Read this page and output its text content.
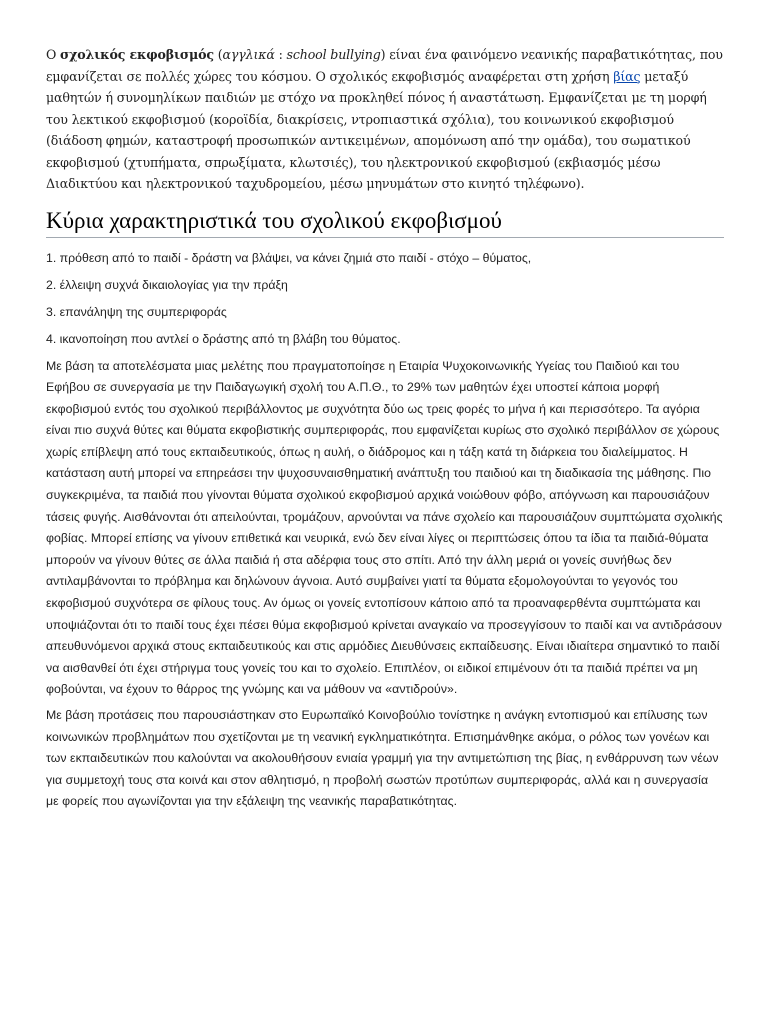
Ο σχολικός εκφοβισμός (αγγλικά : school bullying) είναι ένα φαινόμενο νεανικής παραβατικότητας, που εμφανίζεται σε πολλές χώρες του κόσμου. Ο σχολικός εκφοβισμός αναφέρεται στη χρήση βίας μεταξύ μαθητών ή συνομηλίκων παιδιών με στόχο να προκληθεί πόνος ή αναστάτωση. Εμφανίζεται με τη μορφή του λεκτικού εκφοβισμού (κοροϊδία, διακρίσεις, ντροπιαστικά σχόλια), του κοινωνικού εκφοβισμού (διάδοση φημών, καταστροφή προσωπικών αντικειμένων, απομόνωση από την ομάδα), του σωματικού εκφοβισμού (χτυπήματα, σπρωξίματα, κλωτσιές), του ηλεκτρονικού εκφοβισμού (εκβιασμός μέσω Διαδικτύου και ηλεκτρονικού ταχυδρομείου, μέσω μηνυμάτων στο κινητό τηλέφωνο).

Κύρια χαρακτηριστικά του σχολικού εκφοβισμού
1. πρόθεση από το παιδί - δράστη να βλάψει, να κάνει ζημιά στο παιδί - στόχο – θύματος,
2. έλλειψη συχνά δικαιολογίας για την πράξη
3. επανάληψη της συμπεριφοράς
4. ικανοποίηση που αντλεί ο δράστης από τη βλάβη του θύματος.

Με βάση τα αποτελέσματα μιας μελέτης που πραγματοποίησε η Εταιρία Ψυχοκοινωνικής Υγείας του Παιδιού και του Εφήβου σε συνεργασία με την Παιδαγωγική σχολή του Α.Π.Θ., το 29% των μαθητών έχει υποστεί κάποια μορφή εκφοβισμού εντός του σχολικού περιβάλλοντος με συχνότητα δύο ως τρεις φορές το μήνα ή και περισσότερο. Τα αγόρια είναι πιο συχνά θύτες και θύματα εκφοβιστικής συμπεριφοράς, που εμφανίζεται κυρίως στο σχολικό περιβάλλον σε χώρους χωρίς επίβλεψη από τους εκπαιδευτικούς, όπως η αυλή, ο διάδρομος και η τάξη κατά τη διάρκεια του διαλείμματος. Η κατάσταση αυτή μπορεί να επηρεάσει την ψυχοσυναισθηματική ανάπτυξη του παιδιού και τη διαδικασία της μάθησης. Πιο συγκεκριμένα, τα παιδιά που γίνονται θύματα σχολικού εκφοβισμού αρχικά νοιώθουν φόβο, απόγνωση και παρουσιάζουν τάσεις φυγής. Αισθάνονται ότι απειλούνται, τρομάζουν, αρνούνται να πάνε σχολείο και παρουσιάζουν συμπτώματα σχολικής φοβίας. Μπορεί επίσης να γίνουν επιθετικά και νευρικά, ενώ δεν είναι λίγες οι περιπτώσεις όπου τα ίδια τα παιδιά-θύματα μπορούν να γίνουν θύτες σε άλλα παιδιά ή στα αδέρφια τους στο σπίτι. Από την άλλη μεριά οι γονείς συνήθως δεν αντιλαμβάνονται το πρόβλημα και δηλώνουν άγνοια. Αυτό συμβαίνει γιατί τα θύματα εξομολογούνται το γεγονός του εκφοβισμού συχνότερα σε φίλους τους. Αν όμως οι γονείς εντοπίσουν κάποιο από τα προαναφερθέντα συμπτώματα και υποψιάζονται ότι το παιδί τους έχει πέσει θύμα εκφοβισμού κρίνεται αναγκαίο να προσεγγίσουν το παιδί και να αντιδράσουν απευθυνόμενοι αρχικά στους εκπαιδευτικούς και στις αρμόδιες Διευθύνσεις εκπαίδευσης. Είναι ιδιαίτερα σημαντικό το παιδί να αισθανθεί ότι έχει στήριγμα τους γονείς του και το σχολείο. Επιπλέον, οι ειδικοί επιμένουν ότι τα παιδιά πρέπει να μη φοβούνται, να έχουν το θάρρος της γνώμης και να μάθουν να «αντιδρούν».

Με βάση προτάσεις που παρουσιάστηκαν στο Ευρωπαϊκό Κοινοβούλιο τονίστηκε η ανάγκη εντοπισμού και επίλυσης των κοινωνικών προβλημάτων που σχετίζονται με τη νεανική εγκληματικότητα. Επισημάνθηκε ακόμα, ο ρόλος των γονέων και των εκπαιδευτικών που καλούνται να ακολουθήσουν ενιαία γραμμή για την αντιμετώπιση της βίας, η ενθάρρυνση των νέων για συμμετοχή τους στα κοινά και στον αθλητισμό, η προβολή σωστών προτύπων συμπεριφοράς, αλλά και η συνεργασία με φορείς που αγωνίζονται για την εξάλειψη της νεανικής παραβατικότητας.
